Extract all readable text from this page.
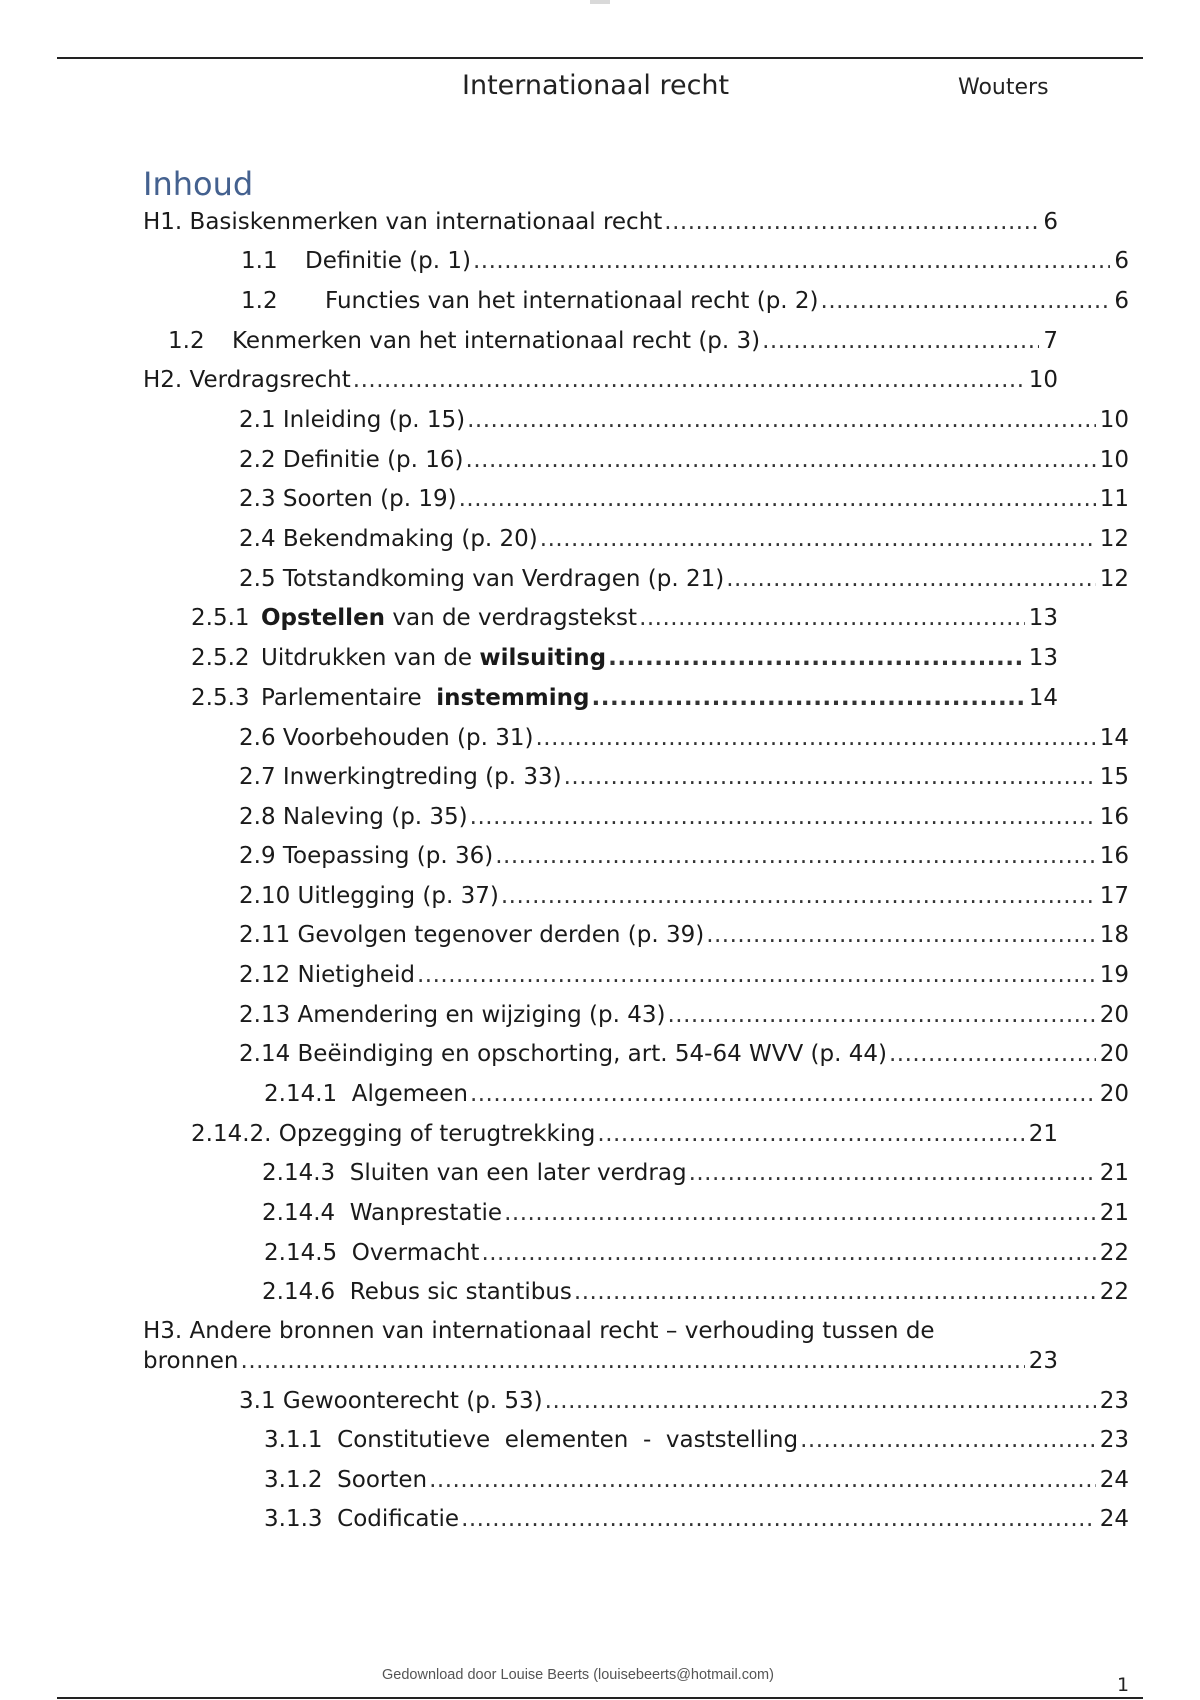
Internationaal recht	Wouters
Inhoud
H1. Basiskenmerken van internationaal recht .....	6
1.1	Definitie (p. 1) .....	6
1.2	Functies van het internationaal recht (p. 2) .....	6
1.2	Kenmerken van het internationaal recht (p. 3) .....	7
H2. Verdragsrecht .....	10
2.1 Inleiding (p. 15) .....	10
2.2 Definitie (p. 16) .....	10
2.3 Soorten (p. 19) .....	11
2.4 Bekendmaking (p. 20) .....	12
2.5 Totstandkoming van Verdragen (p. 21) .....	12
2.5.1 Opstellen van de verdragstekst .....	13
2.5.2 Uitdrukken van de wilsuiting .....	13
2.5.3 Parlementaire  instemming .....	14
2.6 Voorbehouden (p. 31) .....	14
2.7 Inwerkingtreding (p. 33) .....	15
2.8 Naleving (p. 35) .....	16
2.9 Toepassing (p. 36) .....	16
2.10 Uitlegging (p. 37) .....	17
2.11 Gevolgen tegenover derden (p. 39) .....	18
2.12 Nietigheid .....	19
2.13 Amendering en wijziging (p. 43) .....	20
2.14 Beëindiging en opschorting, art. 54-64 WVV (p. 44) .....	20
2.14.1  Algemeen .....	20
2.14.2. Opzegging of terugtrekking .....	21
2.14.3  Sluiten van een later verdrag .....	21
2.14.4  Wanprestatie .....	21
2.14.5  Overmacht .....	22
2.14.6  Rebus sic stantibus .....	22
H3. Andere bronnen van internationaal recht – verhouding tussen de
bronnen .....	23
3.1 Gewoonterecht (p. 53) .....	23
3.1.1  Constitutieve  elementen  -  vaststelling .....	23
3.1.2  Soorten .....	24
3.1.3  Codificatie .....	24
Gedownload door Louise Beerts (louisebeerts@hotmail.com)	1
